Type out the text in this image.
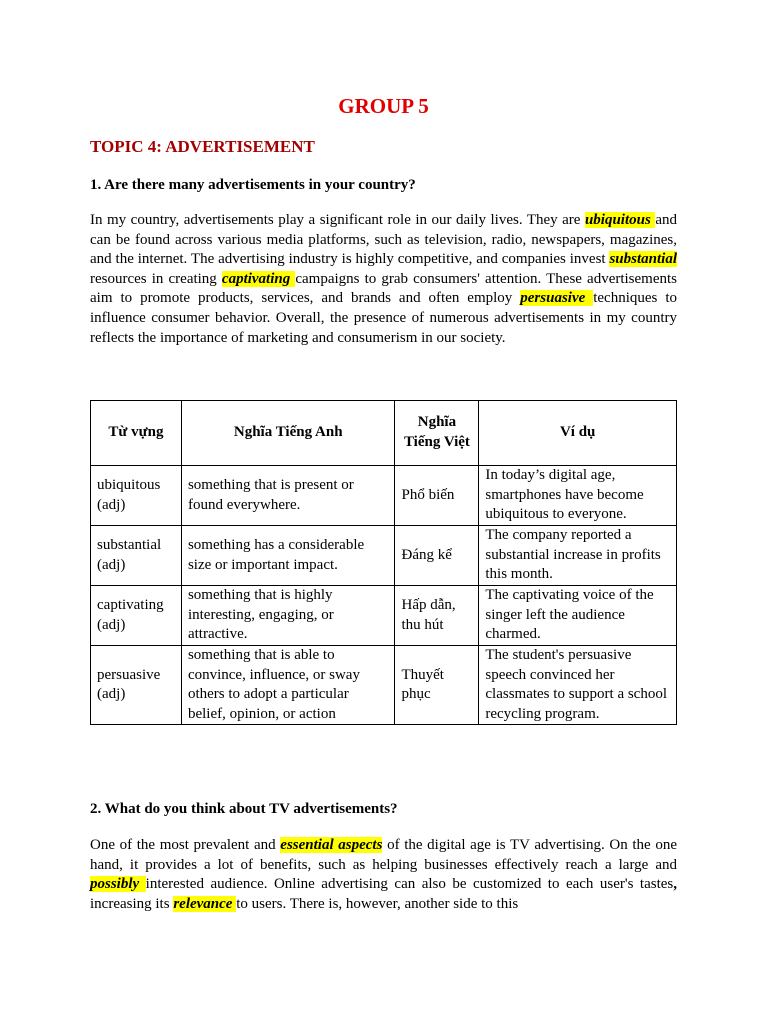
GROUP 5
TOPIC 4: ADVERTISEMENT
1. Are there many advertisements in your country?
In my country, advertisements play a significant role in our daily lives. They are ubiquitous and can be found across various media platforms, such as television, radio, newspapers, magazines, and the internet. The advertising industry is highly competitive, and companies invest substantial resources in creating captivating campaigns to grab consumers' attention. These advertisements aim to promote products, services, and brands and often employ persuasive techniques to influence consumer behavior. Overall, the presence of numerous advertisements in my country reflects the importance of marketing and consumerism in our society.
Từ vựng	Nghĩa Tiếng Anh	Nghĩa Tiếng Việt	Ví dụ
ubiquitous (adj)	something that is present or found everywhere.	Phổ biến	In today’s digital age, smartphones have become ubiquitous to everyone.
substantial (adj)	something has a considerable size or important impact.	Đáng kể	The company reported a substantial increase in profits this month.
captivating (adj)	something that is highly interesting, engaging, or attractive.	Hấp dẫn, thu hút	The captivating voice of the singer left the audience charmed.
persuasive (adj)	something that is able to convince, influence, or sway others to adopt a particular belief, opinion, or action	Thuyết phục	The student's persuasive speech convinced her classmates to support a school recycling program.
2. What do you think about TV advertisements?
One of the most prevalent and essential aspects of the digital age is TV advertising. On the one hand, it provides a lot of benefits, such as helping businesses effectively reach a large and possibly interested audience. Online advertising can also be customized to each user's tastes, increasing its relevance to users. There is, however, another side to this
